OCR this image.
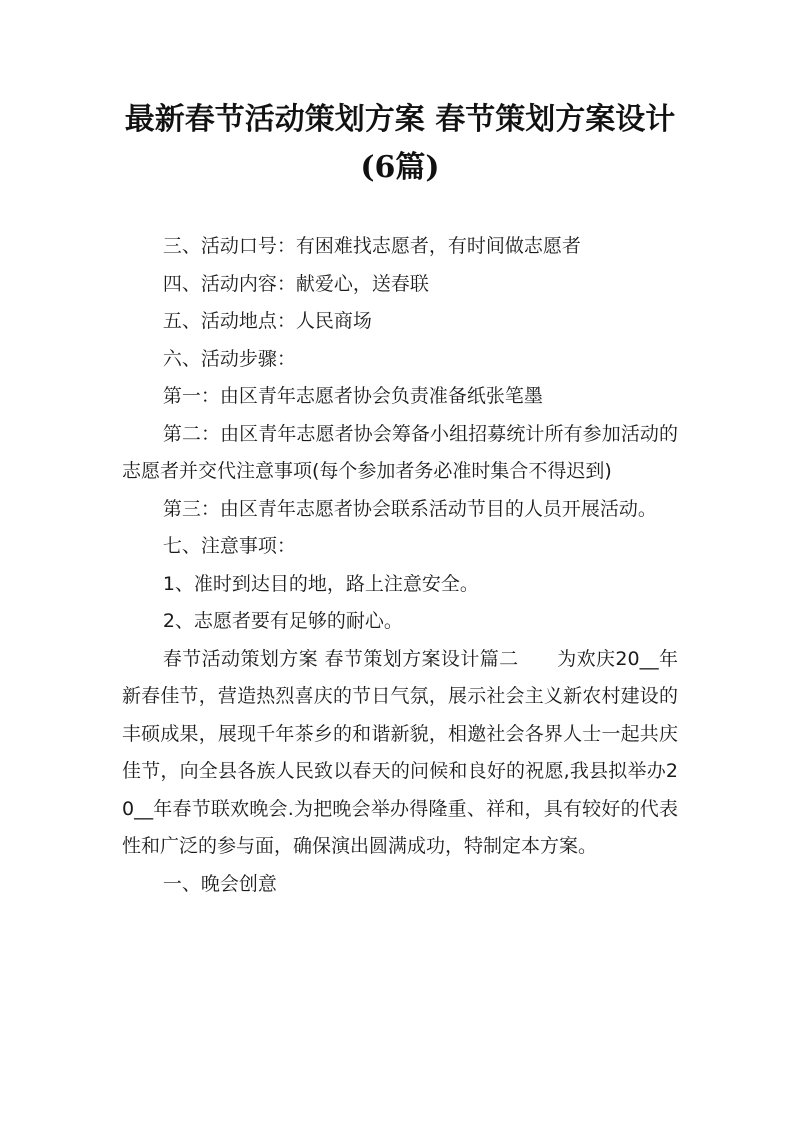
最新春节活动策划方案 春节策划方案设计(6篇)

三、活动口号：有困难找志愿者，有时间做志愿者

四、活动内容：献爱心，送春联

五、活动地点：人民商场

六、活动步骤：

第一：由区青年志愿者协会负责准备纸张笔墨

第二：由区青年志愿者协会筹备小组招募统计所有参加活动的志愿者并交代注意事项(每个参加者务必准时集合不得迟到)

第三：由区青年志愿者协会联系活动节目的人员开展活动。

七、注意事项：

1、准时到达目的地，路上注意安全。

2、志愿者要有足够的耐心。

春节活动策划方案 春节策划方案设计篇二      为欢庆20__年新春佳节，营造热烈喜庆的节日气氛，展示社会主义新农村建设的丰硕成果，展现千年茶乡的和谐新貌，相邀社会各界人士一起共庆佳节，向全县各族人民致以春天的问候和良好的祝愿,我县拟举办20__年春节联欢晚会.为把晚会举办得隆重、祥和，具有较好的代表性和广泛的参与面，确保演出圆满成功，特制定本方案。

一、晚会创意
